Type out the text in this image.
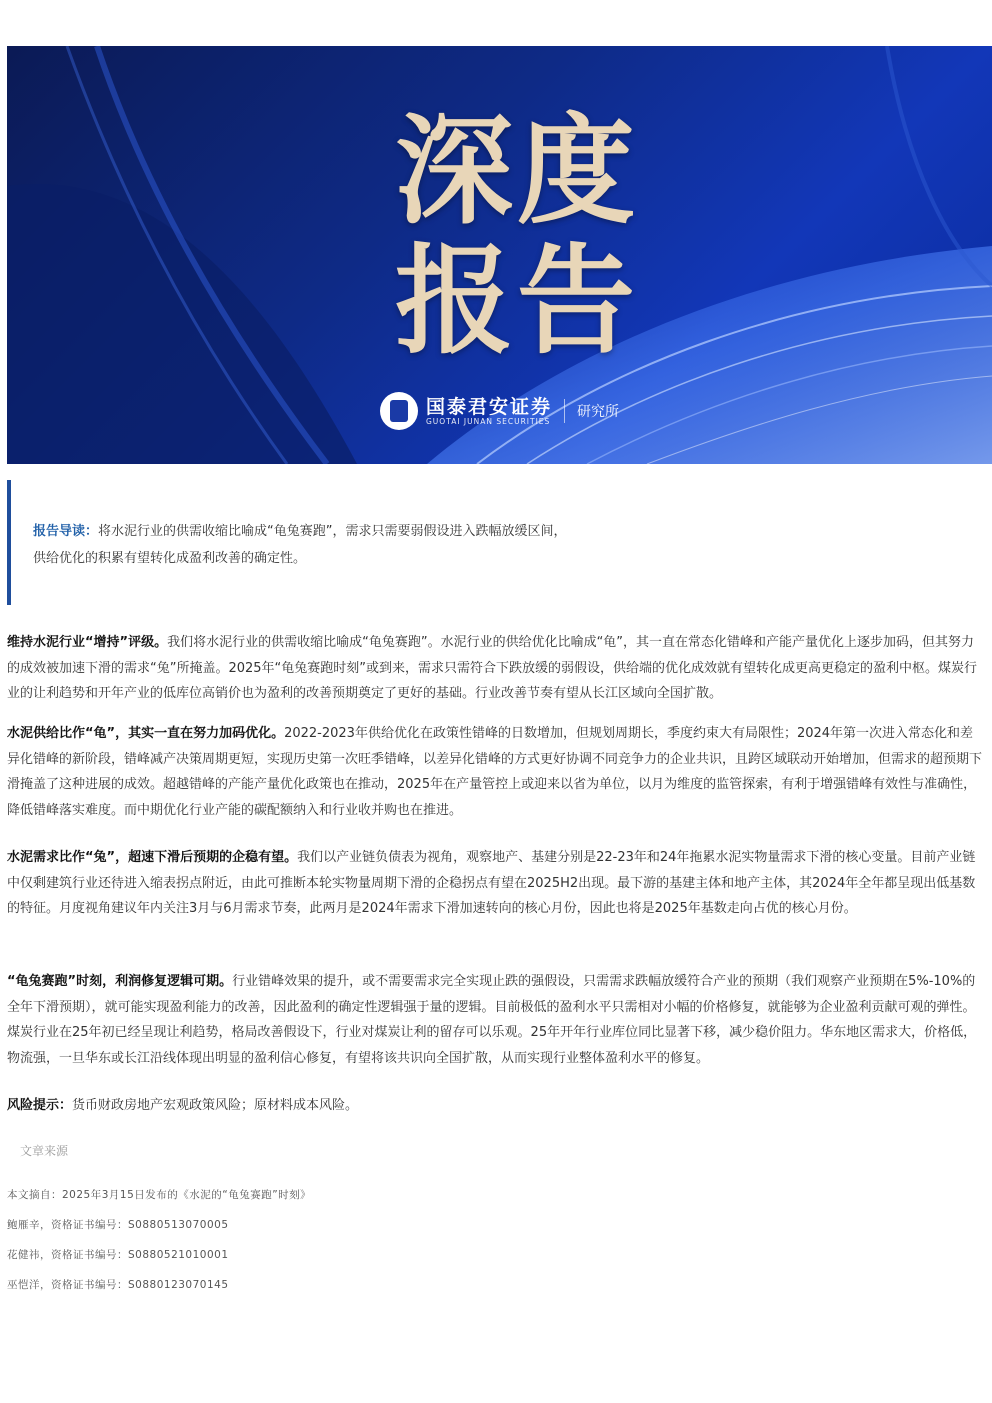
深度
报告
国泰君安证券
GUOTAI JUNAN SECURITIES
研究所

报告导读：将水泥行业的供需收缩比喻成“龟兔赛跑”，需求只需要弱假设进入跌幅放缓区间，
供给优化的积累有望转化成盈利改善的确定性。

维持水泥行业“增持”评级。我们将水泥行业的供需收缩比喻成“龟兔赛跑”。水泥行业的供给优化比喻成“龟”，其一直在常态化错峰和产能产量优化上逐步加码，但其努力的成效被加速下滑的需求“兔”所掩盖。2025年“龟兔赛跑时刻”或到来，需求只需符合下跌放缓的弱假设，供给端的优化成效就有望转化成更高更稳定的盈利中枢。煤炭行业的让利趋势和开年产业的低库位高销价也为盈利的改善预期奠定了更好的基础。行业改善节奏有望从长江区域向全国扩散。

水泥供给比作“龟”，其实一直在努力加码优化。2022-2023年供给优化在政策性错峰的日数增加，但规划周期长，季度约束大有局限性；2024年第一次进入常态化和差异化错峰的新阶段，错峰减产决策周期更短，实现历史第一次旺季错峰，以差异化错峰的方式更好协调不同竞争力的企业共识，且跨区域联动开始增加，但需求的超预期下滑掩盖了这种进展的成效。超越错峰的产能产量优化政策也在推动，2025年在产量管控上或迎来以省为单位，以月为维度的监管探索，有利于增强错峰有效性与准确性，降低错峰落实难度。而中期优化行业产能的碳配额纳入和行业收并购也在推进。

水泥需求比作“兔”，超速下滑后预期的企稳有望。我们以产业链负债表为视角，观察地产、基建分别是22-23年和24年拖累水泥实物量需求下滑的核心变量。目前产业链中仅剩建筑行业还待进入缩表拐点附近，由此可推断本轮实物量周期下滑的企稳拐点有望在2025H2出现。最下游的基建主体和地产主体，其2024年全年都呈现出低基数的特征。月度视角建议年内关注3月与6月需求节奏，此两月是2024年需求下滑加速转向的核心月份，因此也将是2025年基数走向占优的核心月份。

“龟兔赛跑”时刻，利润修复逻辑可期。行业错峰效果的提升，或不需要需求完全实现止跌的强假设，只需需求跌幅放缓符合产业的预期（我们观察产业预期在5%-10%的全年下滑预期），就可能实现盈利能力的改善，因此盈利的确定性逻辑强于量的逻辑。目前极低的盈利水平只需相对小幅的价格修复，就能够为企业盈利贡献可观的弹性。煤炭行业在25年初已经呈现让利趋势，格局改善假设下，行业对煤炭让利的留存可以乐观。25年开年行业库位同比显著下移，减少稳价阻力。华东地区需求大，价格低，物流强，一旦华东或长江沿线体现出明显的盈利信心修复，有望将该共识向全国扩散，从而实现行业整体盈利水平的修复。

风险提示：货币财政房地产宏观政策风险；原材料成本风险。

文章来源
本文摘自：2025年3月15日发布的《水泥的“龟兔赛跑”时刻》
鲍雁辛，资格证书编号：S0880513070005
花健祎，资格证书编号：S0880521010001
巫恺洋，资格证书编号：S0880123070145
